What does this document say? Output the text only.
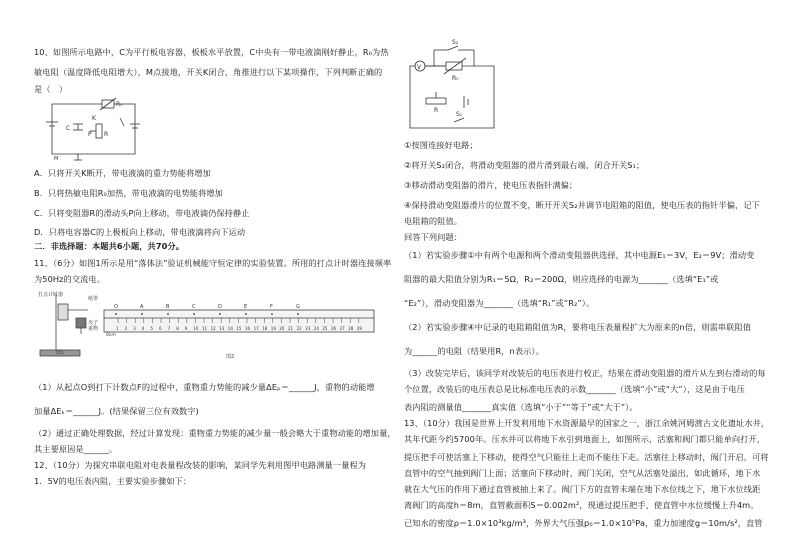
10、如图所示电路中，C为平行板电容器，板板水平放置，C中央有一带电液滴刚好静止，R₀为热
敏电阻（温度降低电阻增大），M点接地，开关K闭合，角推进行以下某项操作，下列判断正确的
是（　）
C
K
R₀
R
P
M
A．只将开关K断开，带电液滴的重力势能将增加
B．只将热敏电阻R₀加热，带电液滴的电势能将增加
C．只将变阻器R的滑动头P向上移动，带电液滴仍保持静止
D．只将电容器C的上极板向上移动，带电液滴将向下运动
二．非选择题：本题共6小题，共70分。
11、（6分）如图1所示是用“落体法”验证机械能守恒定律的实验装置。所用的打点计时器连接频率
为50Hz的交流电。
打点计时器
纸带
夹子
重物
图1
图2
0cm
O	A	B	C	D	E	F	G
1 2 3 4 5 6 7 8 9 10 11 12 13 14 15 16 17 18 19 20 21 22 23 24 25 26 27 28 29
（1）从起点O到打下计数点F的过程中，重物重力势能的减少量ΔEₚ＝______J，重物的动能增
加量ΔEₖ＝______J。(结果保留三位有效数字)
（2）通过正确处理数据，经过计算发现：重物重力势能的减少量一般会略大于重物动能的增加量，
其主要原因是______。
12、（10分）为探究串联电阻对电表量程改装的影响，某同学先利用图甲电路测量一量程为
1．5V的电压表内阻，主要实验步骤如下：
V
S₂
R₀
R
S₁
①按图连接好电路；
②将开关S₂闭合，将滑动变阻器的滑片滑到最右端，闭合开关S₁；
③移动滑动变阻器的滑片，使电压表指针满偏；
④保持滑动变阻器滑片的位置不变，断开开关S₂并调节电阻箱的阻值，使电压表的指针半偏，记下
电阻箱的阻值。
回答下列问题：
（1）若实验步骤①中有两个电源和两个滑动变阻器供选择，其中电源E₁＝3V，E₂＝9V；滑动变
阻器的最大阻值分别为R₁＝5Ω，R₂＝200Ω，则应选择的电源为_______（选填“E₁”或
“E₂”），滑动变阻器为_______（选填“R₁”或“R₂”）。
（2）若实验步骤④中记录的电阻箱阻值为R，要将电压表量程扩大为原来的n倍，则需串联阻值
为______的电阻（结果用R，n表示）。
（3）改装完毕后，该同学对改装后的电压表进行校正，结果在滑动变阻器的滑片从左到右滑动的每
个位置，改装后的电压表总是比标准电压表的示数_______（选填“小”或“大”），这是由于电压
表内阻的测量值_______真实值（选填“小于”“等于”或“大于”）。
13、（10分）我国是世界上开发利用地下水资源最早的国家之一，浙江余姚河姆渡古文化遗址水井，
其年代距今约5700年。压水井可以将地下水引到地面上，如图所示，活塞和阀门都只能单向打开，
提压把手可使活塞上下移动，使得空气只能往上走而不能往下走。活塞往上移动时，阀门开启，可将
直管中的空气抽到阀门上面；活塞向下移动时，阀门关闭，空气从活塞处溢出，如此循环，地下水
就在大气压的作用下通过直管被抽上来了。阀门下方的直管末端在地下水位线之下，地下水位线距
离阀门的高度h＝8m，直管截面积S＝0.002m²，现通过提压把手，使直管中水位缓慢上升4m。
已知水的密度ρ＝1.0×10³kg/m³，外界大气压强p₀＝1.0×10⁵Pa，重力加速度g＝10m/s²，直管
